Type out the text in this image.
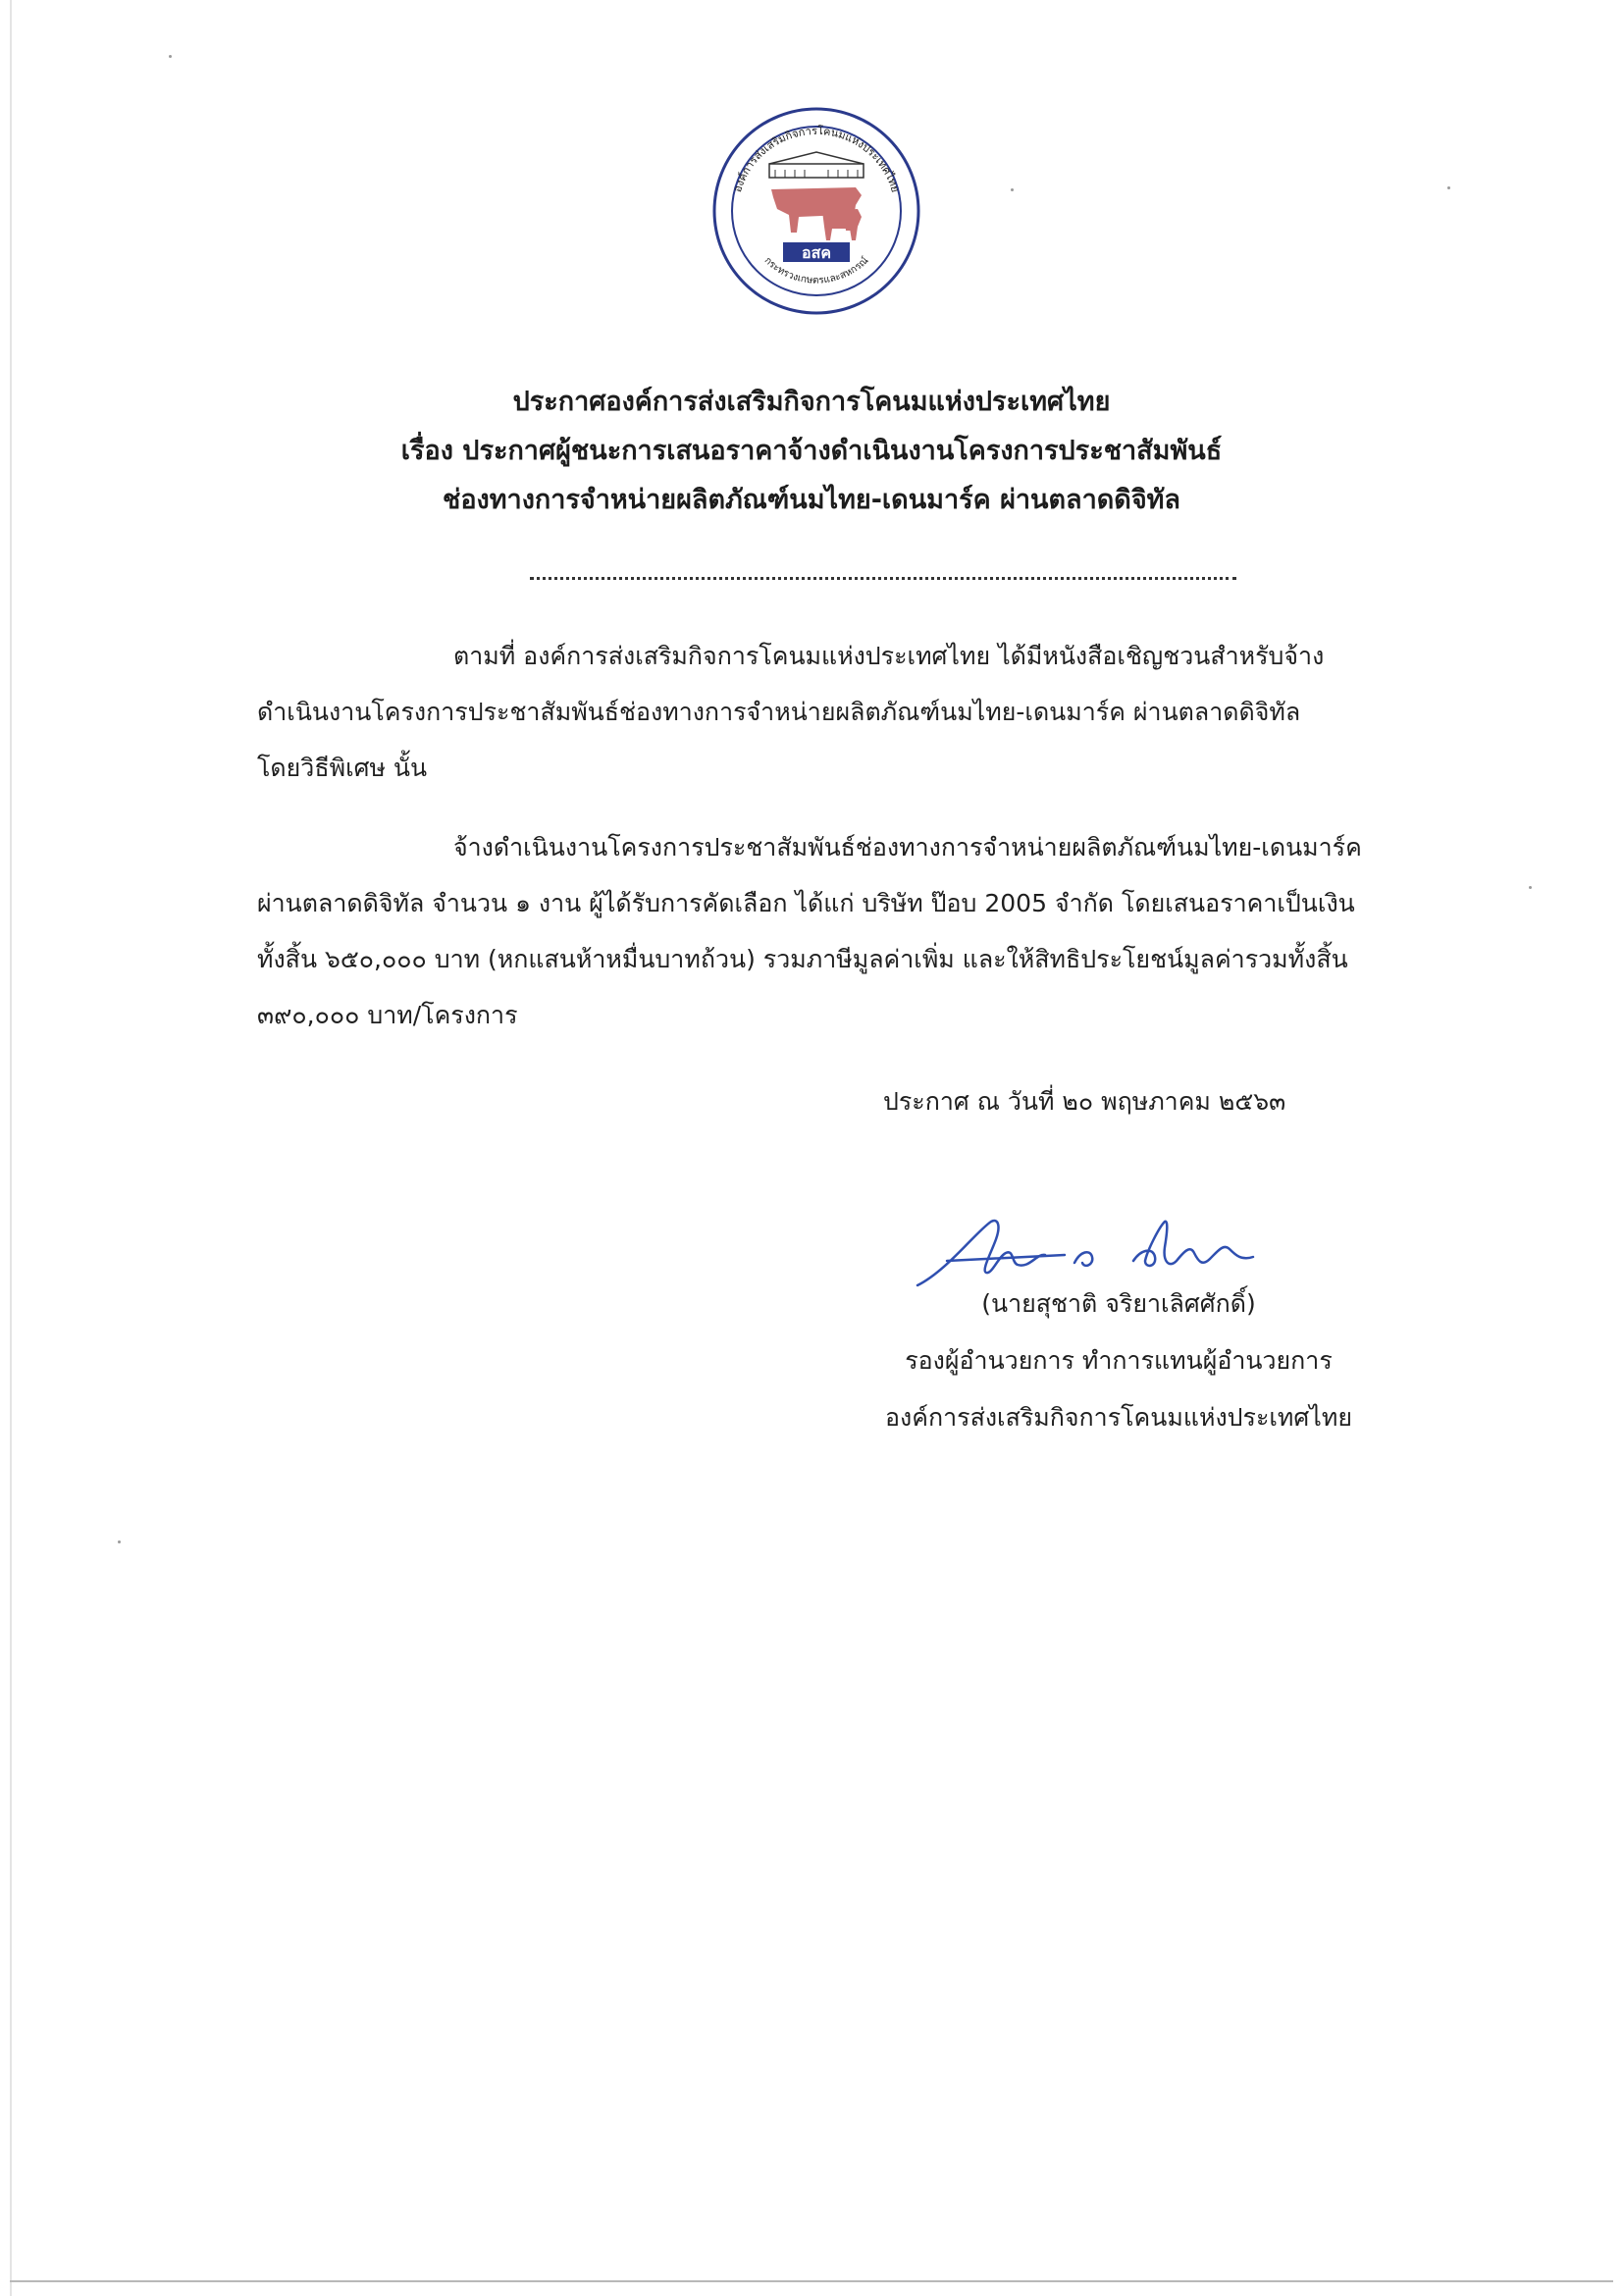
องค์การส่งเสริมกิจการโคนมแห่งประเทศไทย
กระทรวงเกษตรและสหกรณ์
อสค
ประกาศองค์การส่งเสริมกิจการโคนมแห่งประเทศไทย
เรื่อง ประกาศผู้ชนะการเสนอราคาจ้างดำเนินงานโครงการประชาสัมพันธ์
ช่องทางการจำหน่ายผลิตภัณฑ์นมไทย-เดนมาร์ค ผ่านตลาดดิจิทัล
ตามที่ องค์การส่งเสริมกิจการโคนมแห่งประเทศไทย ได้มีหนังสือเชิญชวนสำหรับจ้าง
ดำเนินงานโครงการประชาสัมพันธ์ช่องทางการจำหน่ายผลิตภัณฑ์นมไทย-เดนมาร์ค ผ่านตลาดดิจิทัล
โดยวิธีพิเศษ นั้น
จ้างดำเนินงานโครงการประชาสัมพันธ์ช่องทางการจำหน่ายผลิตภัณฑ์นมไทย-เดนมาร์ค
ผ่านตลาดดิจิทัล จำนวน ๑ งาน ผู้ได้รับการคัดเลือก ได้แก่ บริษัท ป๊อบ 2005 จำกัด โดยเสนอราคาเป็นเงิน
ทั้งสิ้น ๖๕๐,๐๐๐ บาท (หกแสนห้าหมื่นบาทถ้วน) รวมภาษีมูลค่าเพิ่ม และให้สิทธิประโยชน์มูลค่ารวมทั้งสิ้น
๓๙๐,๐๐๐ บาท/โครงการ
ประกาศ ณ วันที่ ๒๐ พฤษภาคม ๒๕๖๓
(นายสุชาติ จริยาเลิศศักดิ์)
รองผู้อำนวยการ ทำการแทนผู้อำนวยการ
องค์การส่งเสริมกิจการโคนมแห่งประเทศไทย
